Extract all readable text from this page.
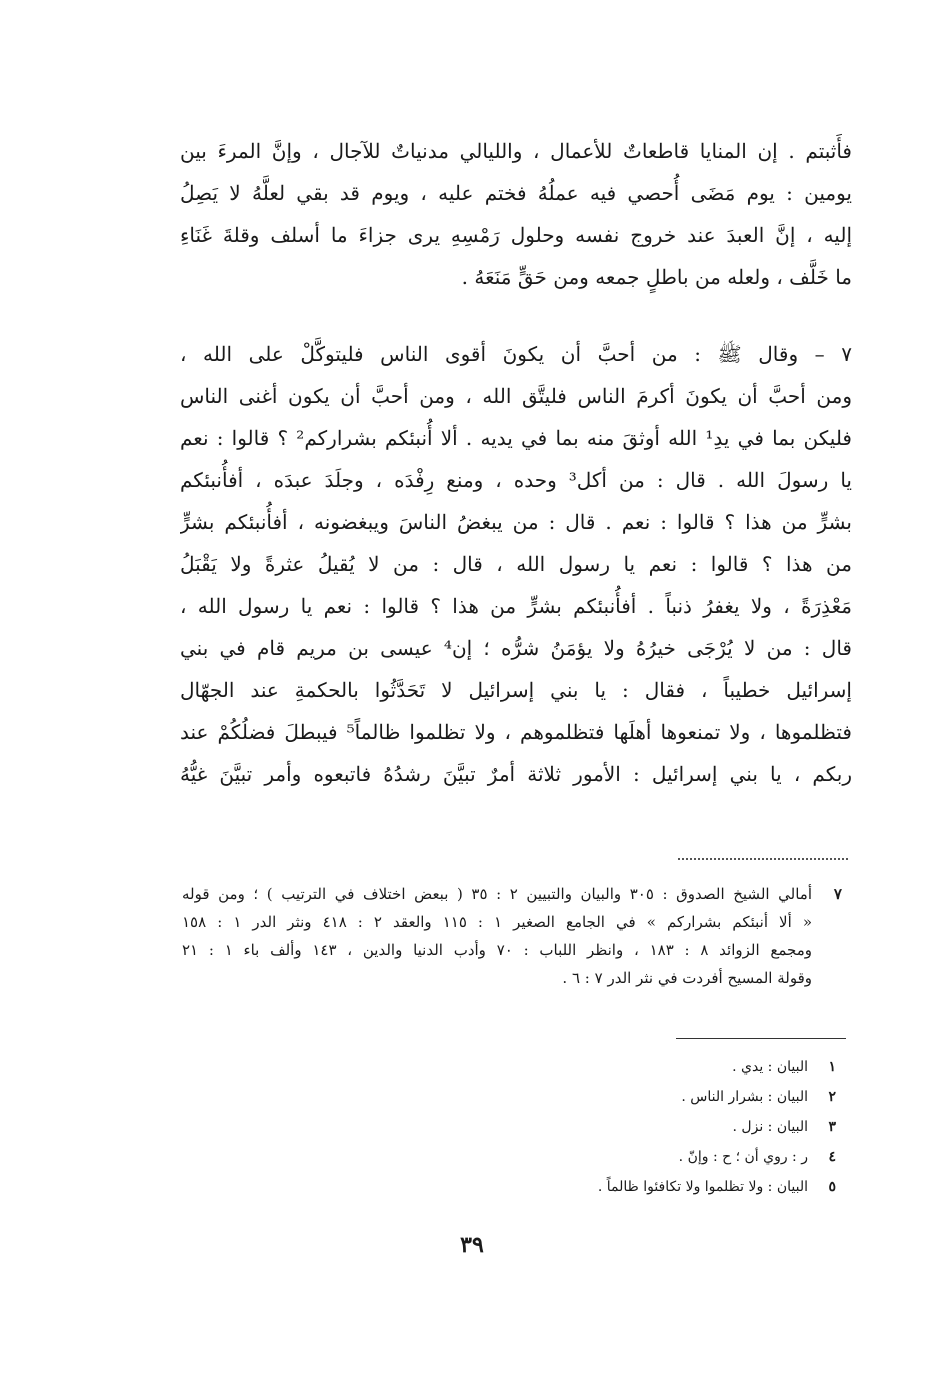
فأَثبتم . إن المنايا قاطعاتٌ للأعمال ، والليالي مدنياتٌ للآجال ، وإنَّ المرءَ بين
يومين : يوم مَضَى أُحصي فيه عملُهُ فختم عليه ، ويوم قد بقي لعلَّهُ لا يَصِلُ
إليه ، إنَّ العبدَ عند خروج نفسه وحلول رَمْسِهِ يرى جزاءَ ما أسلف وقلةَ غَنَاءِ
ما خَلَّف ، ولعله من باطلٍ جمعه ومن حَقٍّ مَنَعَهُ .
٧ – وقال ﷺ : من أحبَّ أن يكونَ أقوى الناس فليتوكَّلْ على الله ،
ومن أحبَّ أن يكونَ أكرمَ الناس فليتَّق الله ، ومن أحبَّ أن يكون أغنى الناس
فليكن بما في يدِ¹ الله أوثقَ منه بما في يديه . ألا أُنبئكم بشراركم² ؟ قالوا : نعم
يا رسولَ الله . قال : من أكل³ وحده ، ومنع رِفْدَه ، وجلَدَ عبدَه ، أفأُنبئكم
بشرٍّ من هذا ؟ قالوا : نعم . قال : من يبغضُ الناسَ ويبغضونه ، أفأُنبئكم بشرٍّ
من هذا ؟ قالوا : نعم يا رسول الله ، قال : من لا يُقيلُ عثرةً ولا يَقْبَلُ
مَعْذِرَةً ، ولا يغفرُ ذنباً . أفأُنبئكم بشرٍّ من هذا ؟ قالوا : نعم يا رسول الله ،
قال : من لا يُرْجَى خيرُهُ ولا يؤمَنُ شرُّه ؛ إن⁴ عيسى بن مريم قام في بني
إسرائيل خطيباً ، فقال : يا بني إسرائيل لا تَحَدَّثُوا بالحكمةِ عند الجهّال
فتظلموها ، ولا تمنعوها أهلَها فتظلموهم ، ولا تظلموا ظالماً⁵ فيبطلَ فضلُكُمْ عند
ربكم ، يا بني إسرائيل : الأمور ثلاثة أمرٌ تبيَّنَ رشدُهُ فاتبعوه وأمر تبيَّنَ غيُّهُ
٧أمالي الشيخ الصدوق : ٣٠٥ والبيان والتبيين ٢ : ٣٥ ( ببعض اختلاف في الترتيب ) ؛ ومن قوله
« ألا أنبئكم بشراركم » في الجامع الصغير ١ : ١١٥ والعقد ٢ : ٤١٨ ونثر الدر ١ : ١٥٨
ومجمع الزوائد ٨ : ١٨٣ ، وانظر اللباب : ٧٠ وأدب الدنيا والدين ، ١٤٣ وألف باء ١ : ٢١
وقولة المسيح أفردت في نثر الدر ٧ : ٦ .
١البيان : يدي .
٢البيان : بشرار الناس .
٣البيان : نزل .
٤ر : روي أن ؛ ح : وإنّ .
٥البيان : ولا تظلموا ولا تكافئوا ظالماً .
٣٩
